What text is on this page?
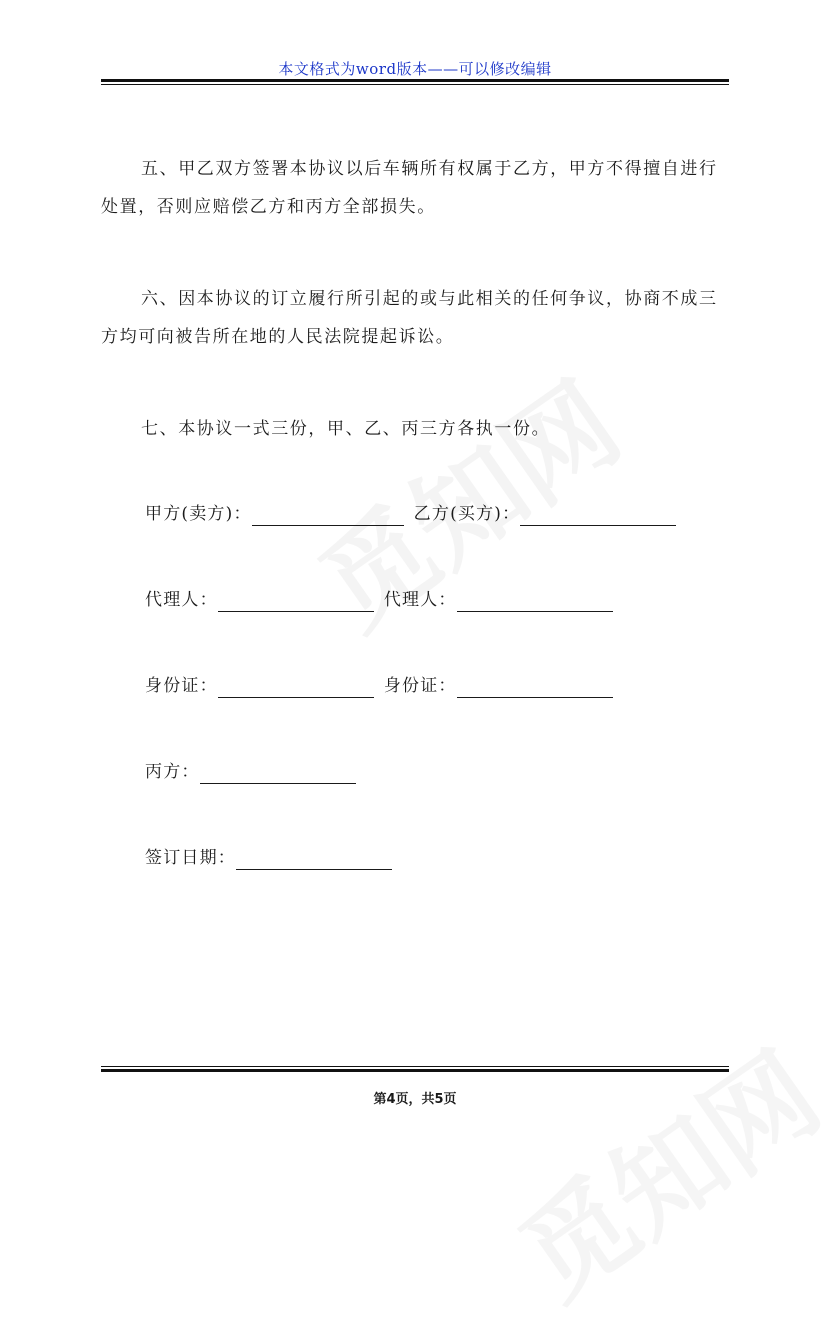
本文格式为word版本——可以修改编辑
五、甲乙双方签署本协议以后车辆所有权属于乙方，甲方不得擅自进行处置，否则应赔偿乙方和丙方全部损失。
六、因本协议的订立履行所引起的或与此相关的任何争议，协商不成三方均可向被告所在地的人民法院提起诉讼。
七、本协议一式三份，甲、乙、丙三方各执一份。
甲方(卖方)：	乙方(买方)：
代理人：	代理人：
身份证：	身份证：
丙方：
签订日期：
第4页，共5页
